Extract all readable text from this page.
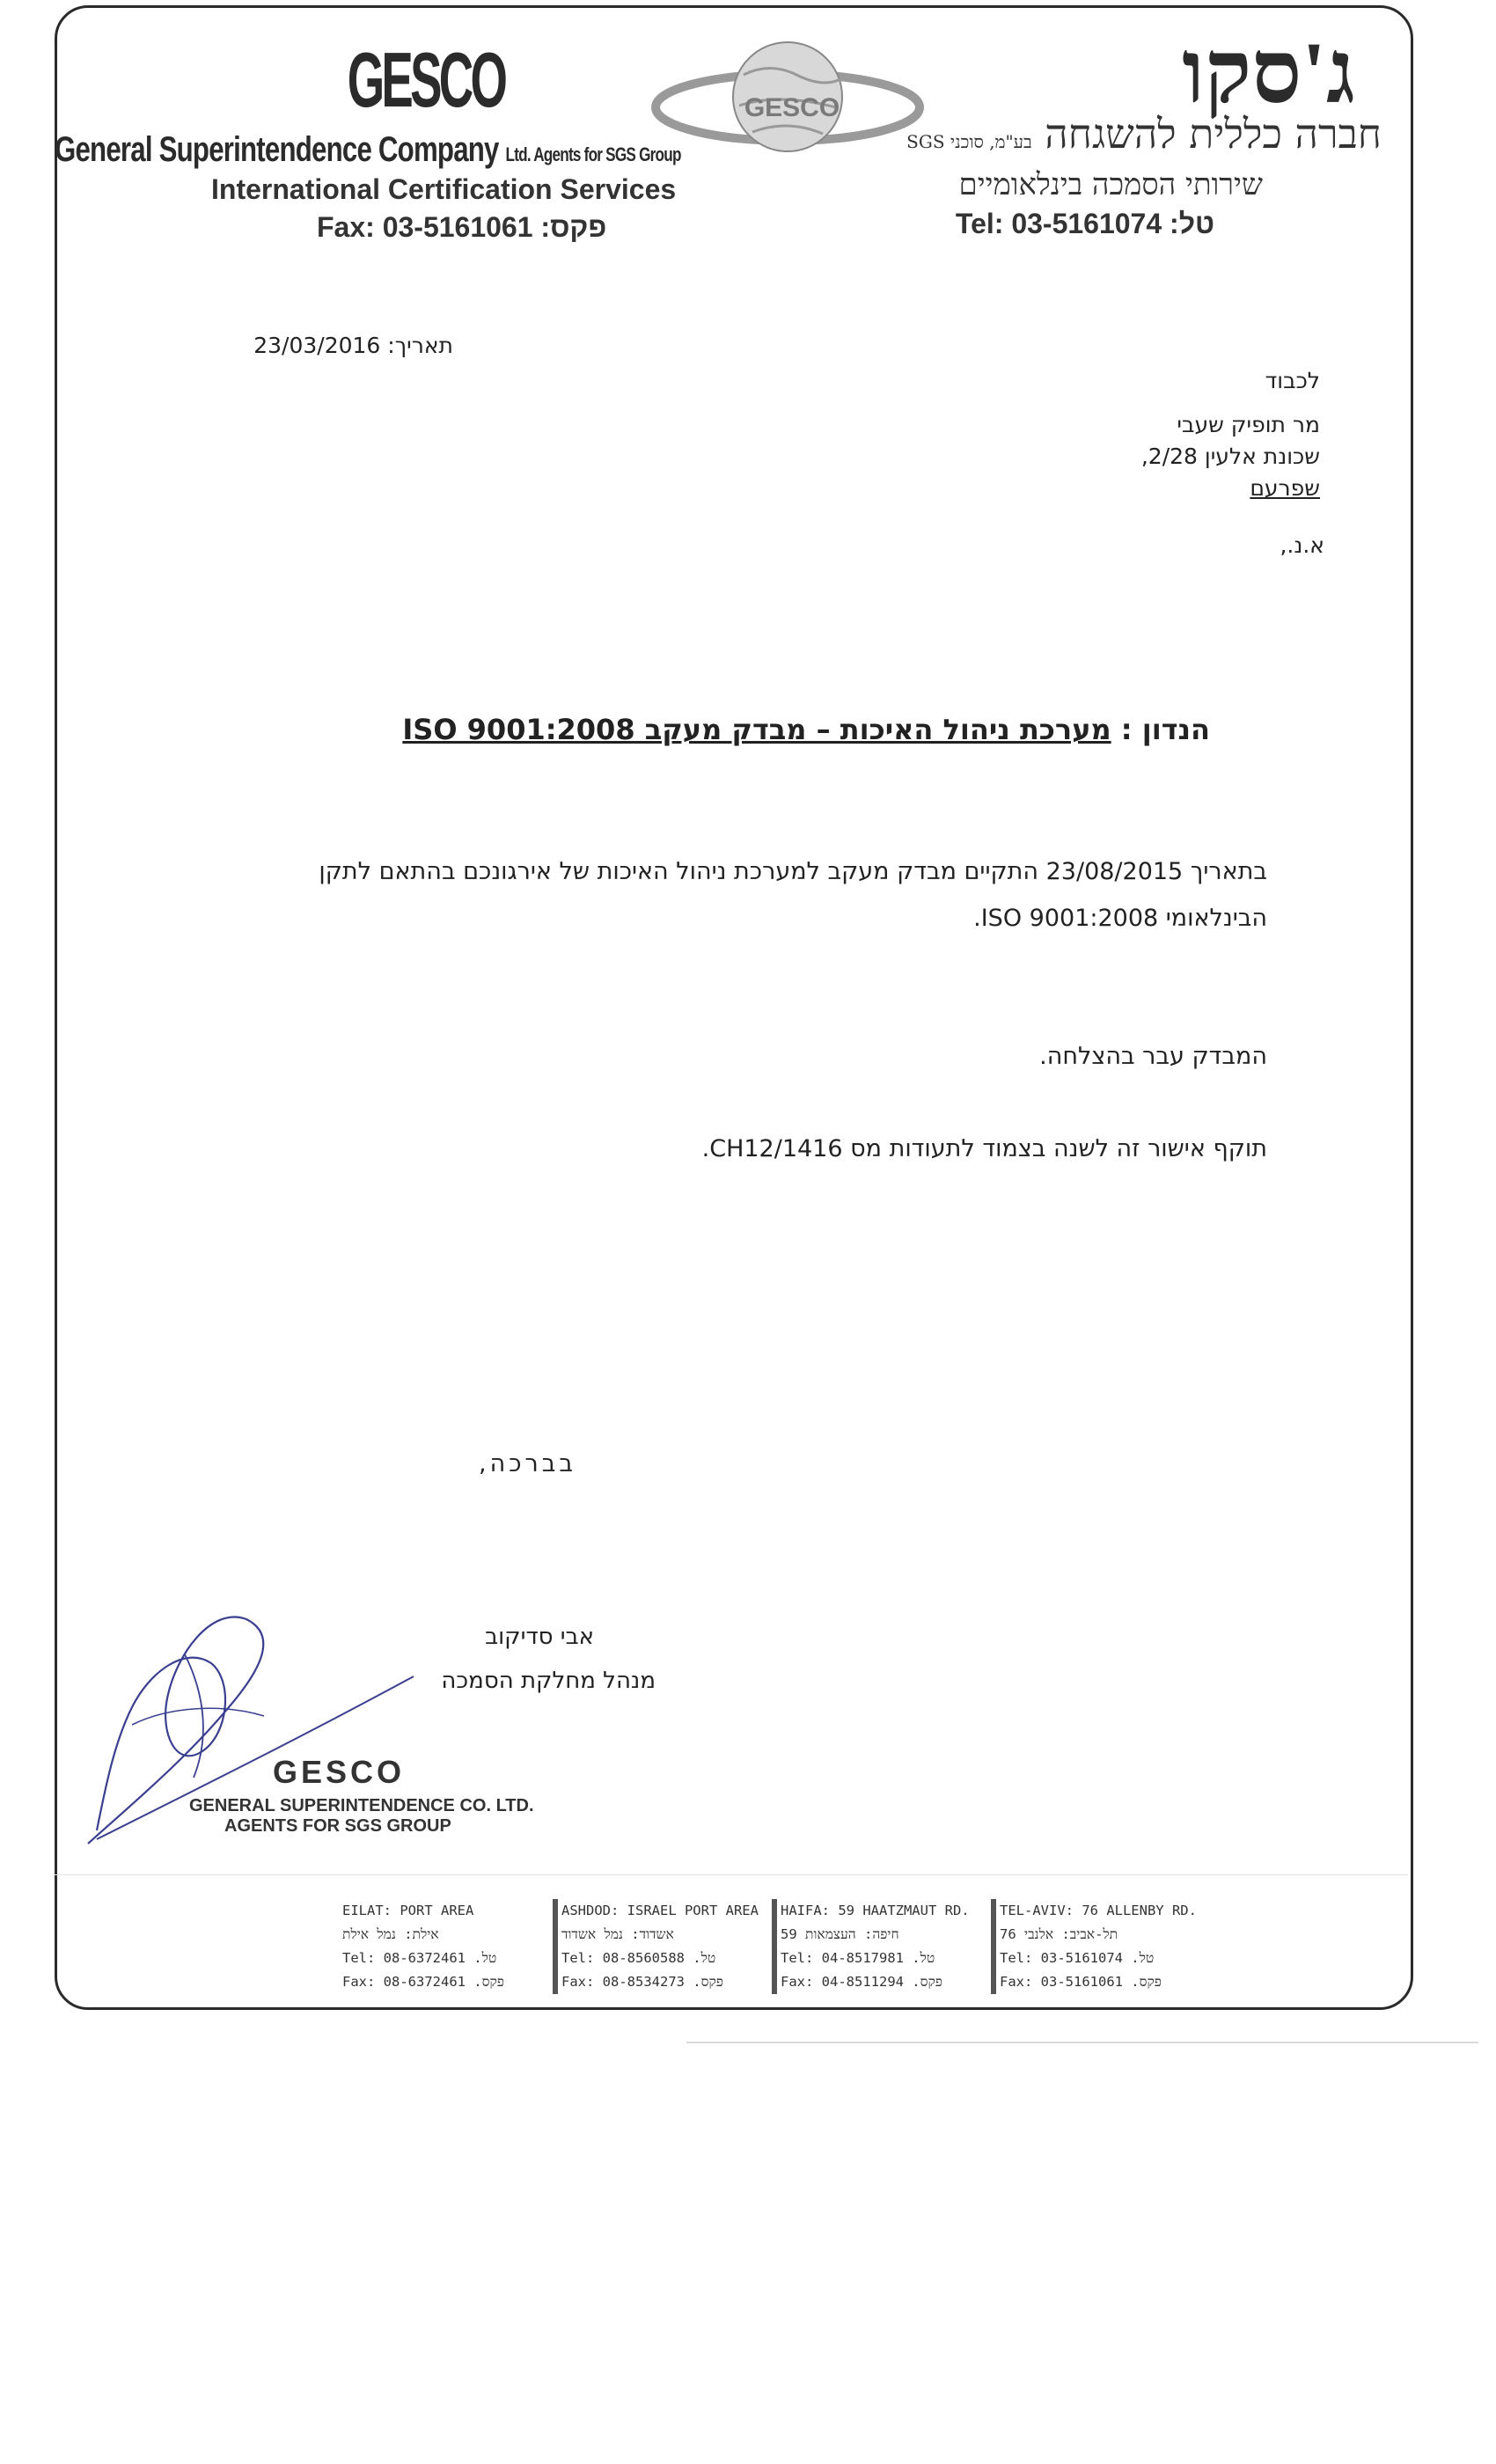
GESCO
General Superintendence Company Ltd. Agents for SGS Group
International Certification Services
Fax: 03-5161061 :פקס
GESCO	ג'סקו
חברה כללית להשגחה בע"מ, סוכני SGS
שירותי הסמכה בינלאומיים
Tel: 03-5161074 :טל
תאריך: 23/03/2016
לכבוד
מר תופיק שעבי
שכונת אלעין 2/28,
שפרעם
א.נ.,
הנדון : מערכת ניהול האיכות – מבדק מעקב ISO 9001:2008
בתאריך 23/08/2015 התקיים מבדק מעקב למערכת ניהול האיכות של אירגונכם בהתאם לתקן
הבינלאומי ISO 9001:2008.
המבדק עבר בהצלחה.
תוקף אישור זה לשנה בצמוד לתעודות מס CH12/1416.
בברכה,
אבי סדיקוב
מנהל מחלקת הסמכה
GESCO
GENERAL SUPERINTENDENCE CO. LTD.
AGENTS FOR SGS GROUP
EILAT: PORT AREA
אילת: נמל אילת
Tel: 08-6372461 .טל
Fax: 08-6372461 .פקס
ASHDOD: ISRAEL PORT AREA
אשדוד: נמל אשדוד
Tel: 08-8560588 .טל
Fax: 08-8534273 .פקס
HAIFA: 59 HAATZMAUT RD.
חיפה: העצמאות 59
Tel: 04-8517981 .טל
Fax: 04-8511294 .פקס
TEL-AVIV: 76 ALLENBY RD.
תל-אביב: אלנבי 76
Tel: 03-5161074 .טל
Fax: 03-5161061 .פקס
